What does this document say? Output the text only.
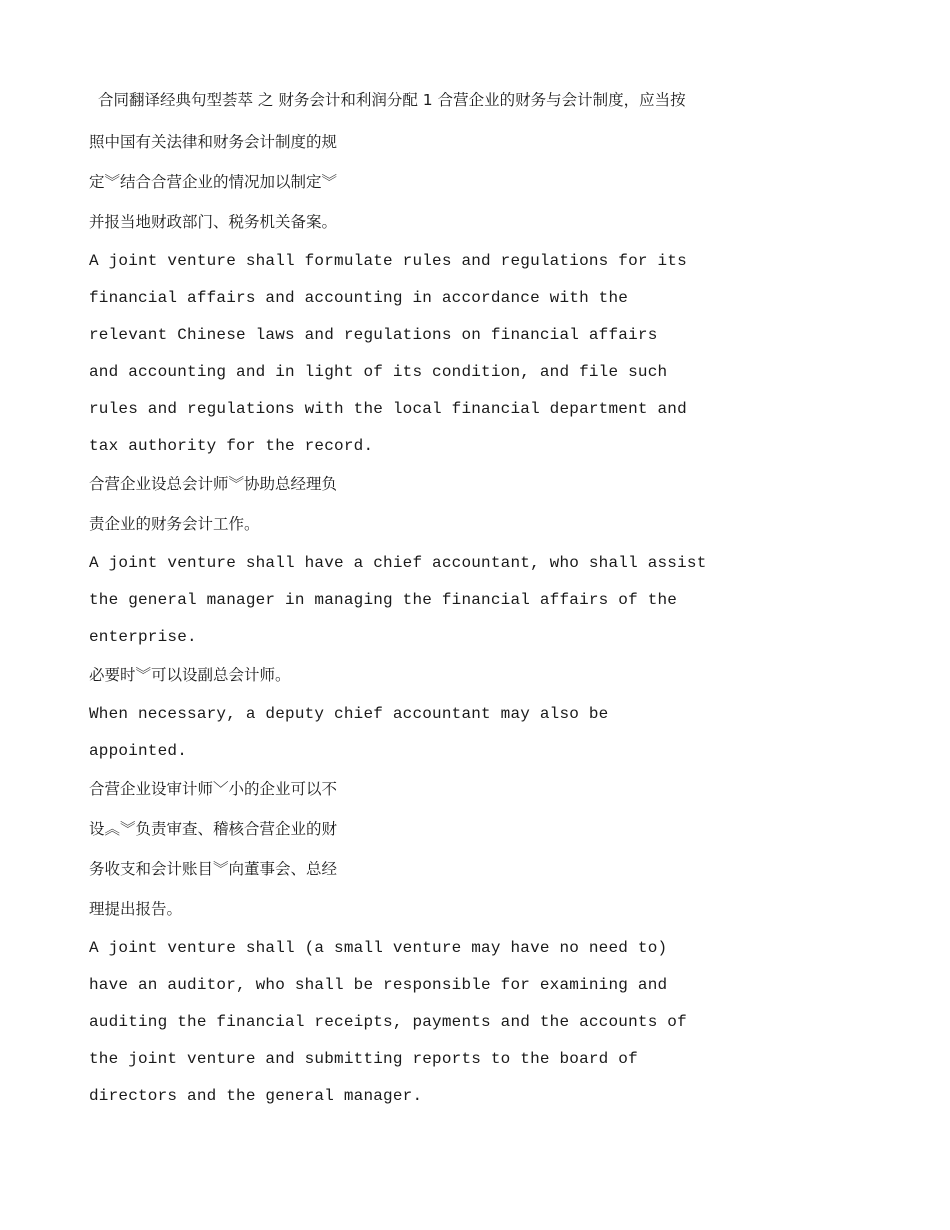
合同翻译经典句型荟萃 之 财务会计和利润分配 1 合营企业的财务与会计制度，应当按
照中国有关法律和财务会计制度的规
定︾结合合营企业的情况加以制定︾
并报当地财政部门、税务机关备案。
A joint venture shall formulate rules and regulations for its
financial affairs and accounting in accordance with the
relevant Chinese laws and regulations on financial affairs
and accounting and in light of its condition, and file such
rules and regulations with the local financial department and
tax authority for the record.
合营企业设总会计师︾协助总经理负
责企业的财务会计工作。
A joint venture shall have a chief accountant, who shall assist
the general manager in managing the financial affairs of the
enterprise.
必要时︾可以设副总会计师。
When necessary, a deputy chief accountant may also be
appointed.
合营企业设审计师﹀小的企业可以不
设︽︾负责审查、稽核合营企业的财
务收支和会计账目︾向董事会、总经
理提出报告。
A joint venture shall (a small venture may have no need to)
have an auditor, who shall be responsible for examining and
auditing the financial receipts, payments and the accounts of
the joint venture and submitting reports to the board of
directors and the general manager.
